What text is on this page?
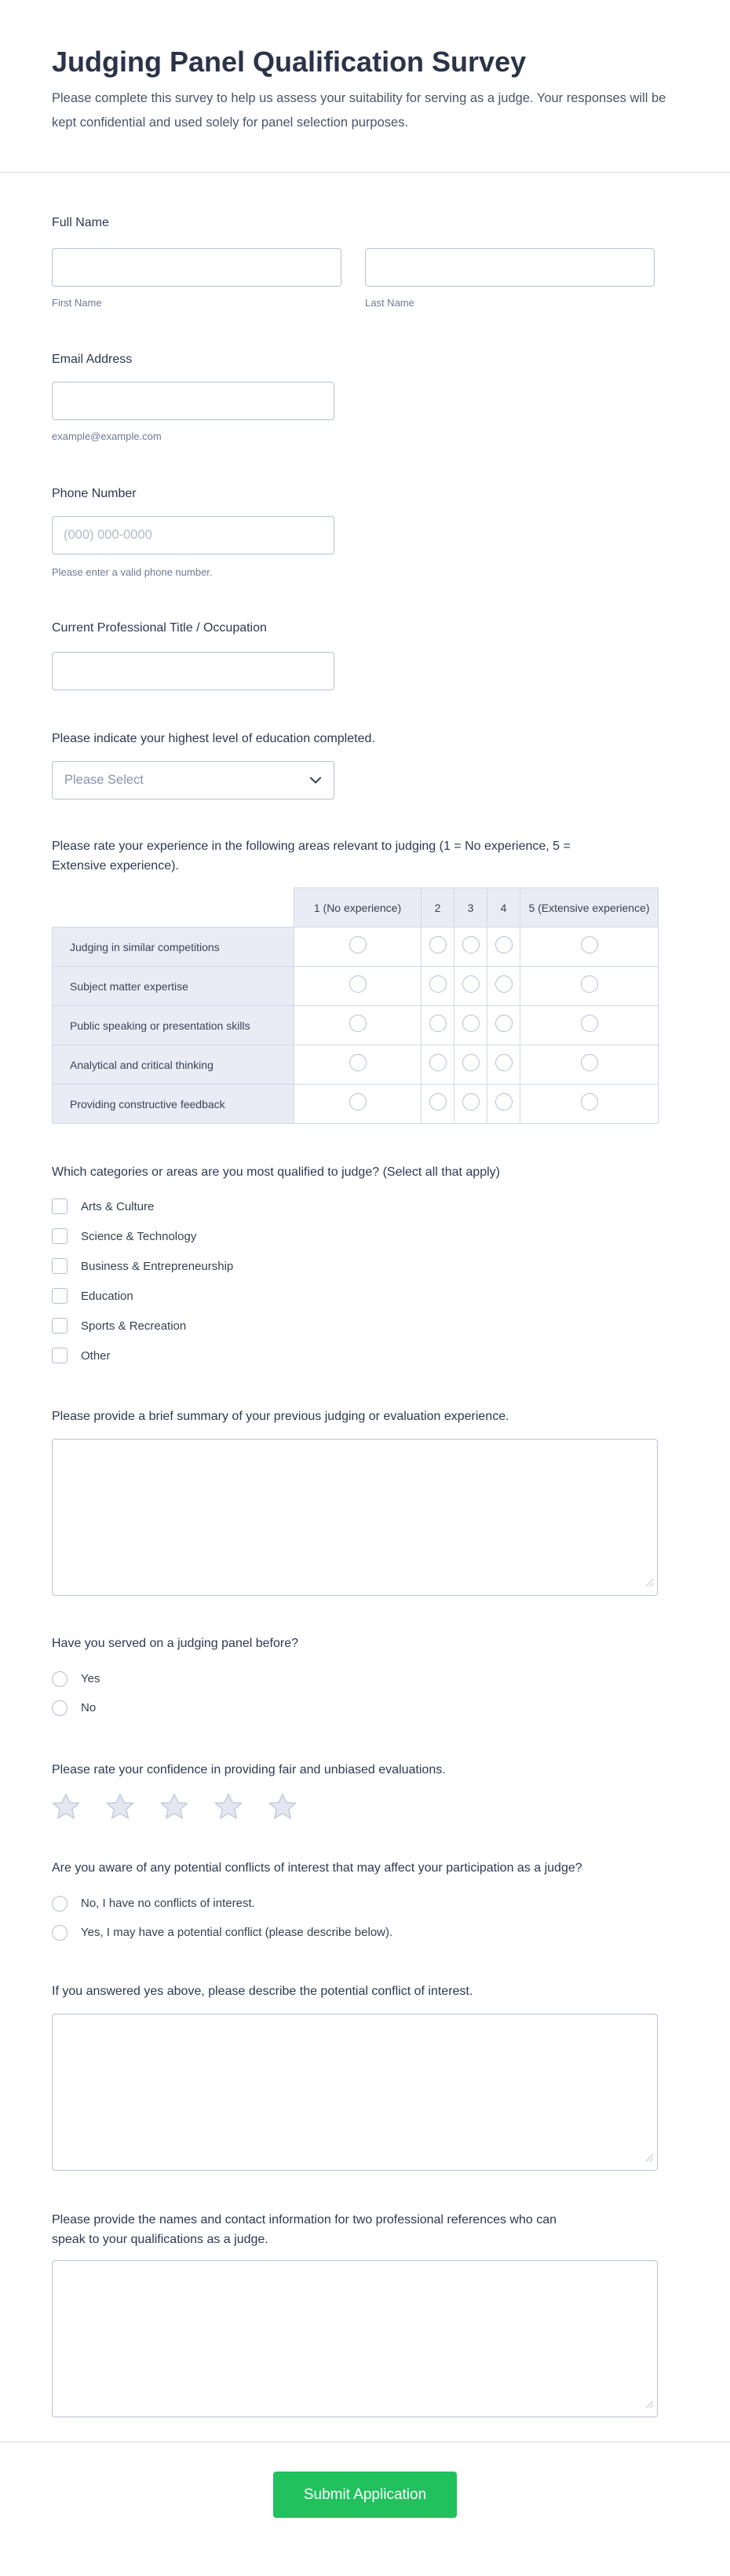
Judging Panel Qualification Survey

Please complete this survey to help us assess your suitability for serving as a judge. Your responses will be kept confidential and used solely for panel selection purposes.

Full Name
First Name	Last Name
Email Address
example@example.com
Phone Number
(000) 000-0000
Please enter a valid phone number.
Current Professional Title / Occupation
Please indicate your highest level of education completed.
Please Select
Please rate your experience in the following areas relevant to judging (1 = No experience, 5 = Extensive experience).
	1 (No experience)	2	3	4	5 (Extensive experience)
Judging in similar competitions					
Subject matter expertise					
Public speaking or presentation skills					
Analytical and critical thinking					
Providing constructive feedback					
Which categories or areas are you most qualified to judge? (Select all that apply)
Arts & Culture
Science & Technology
Business & Entrepreneurship
Education
Sports & Recreation
Other
Please provide a brief summary of your previous judging or evaluation experience.
Have you served on a judging panel before?
Yes
No
Please rate your confidence in providing fair and unbiased evaluations.
Are you aware of any potential conflicts of interest that may affect your participation as a judge?
No, I have no conflicts of interest.
Yes, I may have a potential conflict (please describe below).
If you answered yes above, please describe the potential conflict of interest.
Please provide the names and contact information for two professional references who can speak to your qualifications as a judge.
Submit Application
